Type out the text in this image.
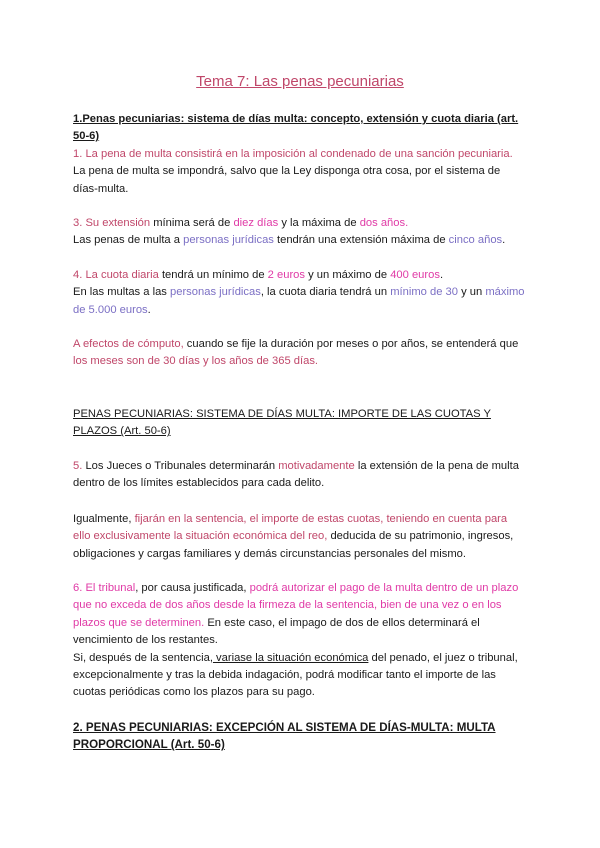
Tema 7: Las penas pecuniarias
1.Penas pecuniarias: sistema de días multa: concepto, extensión y cuota diaria (art. 50-6)
1. La pena de multa consistirá en la imposición al condenado de una sanción pecuniaria. La pena de multa se impondrá, salvo que la Ley disponga otra cosa, por el sistema de días-multa.
3. Su extensión mínima será de diez días y la máxima de dos años.
Las penas de multa a personas jurídicas tendrán una extensión máxima de cinco años.
4. La cuota diaria tendrá un mínimo de 2 euros y un máximo de 400 euros.
En las multas a las personas jurídicas, la cuota diaria tendrá un mínimo de 30 y un máximo de 5.000 euros.
A efectos de cómputo, cuando se fije la duración por meses o por años, se entenderá que los meses son de 30 días y los años de 365 días.
PENAS PECUNIARIAS: SISTEMA DE DÍAS MULTA: IMPORTE DE LAS CUOTAS Y PLAZOS (Art. 50-6)
5. Los Jueces o Tribunales determinarán motivadamente la extensión de la pena de multa dentro de los límites establecidos para cada delito.
Igualmente, fijarán en la sentencia, el importe de estas cuotas, teniendo en cuenta para ello exclusivamente la situación económica del reo, deducida de su patrimonio, ingresos, obligaciones y cargas familiares y demás circunstancias personales del mismo.
6. El tribunal, por causa justificada, podrá autorizar el pago de la multa dentro de un plazo que no exceda de dos años desde la firmeza de la sentencia, bien de una vez o en los plazos que se determinen. En este caso, el impago de dos de ellos determinará el vencimiento de los restantes.
Si, después de la sentencia, variase la situación económica del penado, el juez o tribunal, excepcionalmente y tras la debida indagación, podrá modificar tanto el importe de las cuotas periódicas como los plazos para su pago.
2. PENAS PECUNIARIAS: EXCEPCIÓN AL SISTEMA DE DÍAS-MULTA: MULTA PROPORCIONAL (Art. 50-6)
